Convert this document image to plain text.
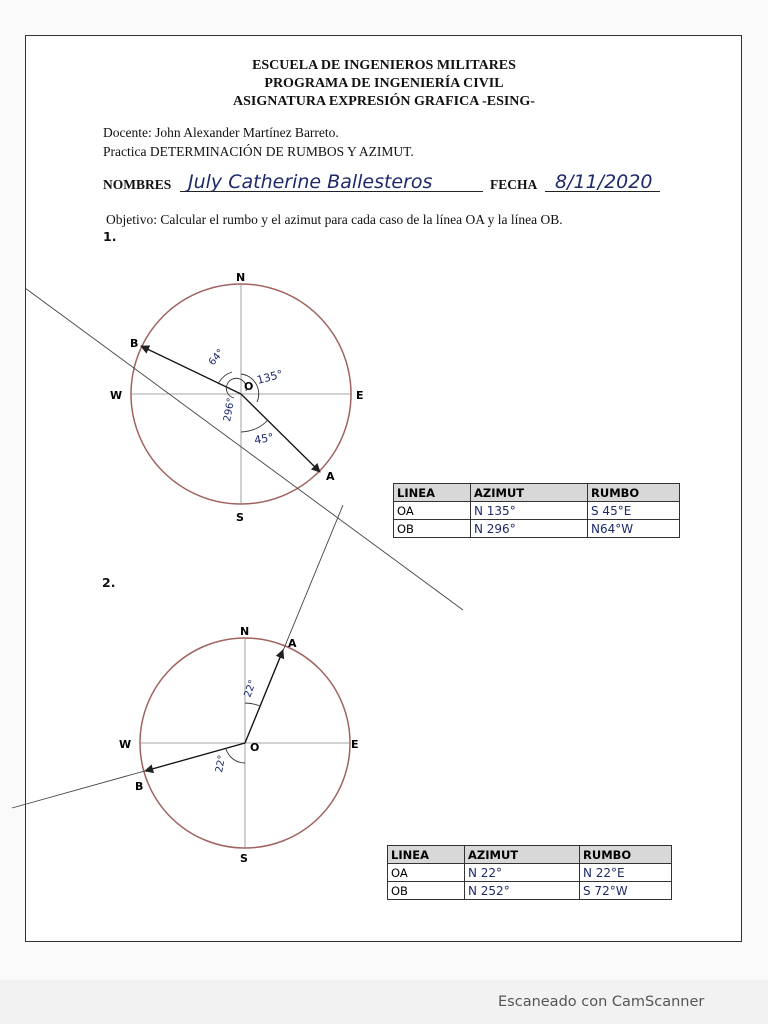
ESCUELA DE INGENIEROS MILITARES
PROGRAMA DE INGENIERÍA CIVIL
ASIGNATURA EXPRESIÓN GRAFICA -ESING-
Docente: John Alexander Martínez Barreto.
Practica DETERMINACIÓN DE RUMBOS Y AZIMUT.
NOMBRES July Catherine Ballesteros	FECHA 8/11/2020
Objetivo: Calcular el rumbo y el azimut para cada caso de la línea OA y la línea OB.
1.
2.
N
S
E
W
B
A
O 135°
45°
64°
296°
N
S
E
W
A
B
O
22°
22°
LINEA	AZIMUT	RUMBO
OA	N 135°	S 45°E
OB	N 296°	N64°W
LINEA	AZIMUT	RUMBO
OA	N 22°	N 22°E
OB	N 252°	S 72°W
Escaneado con CamScanner
